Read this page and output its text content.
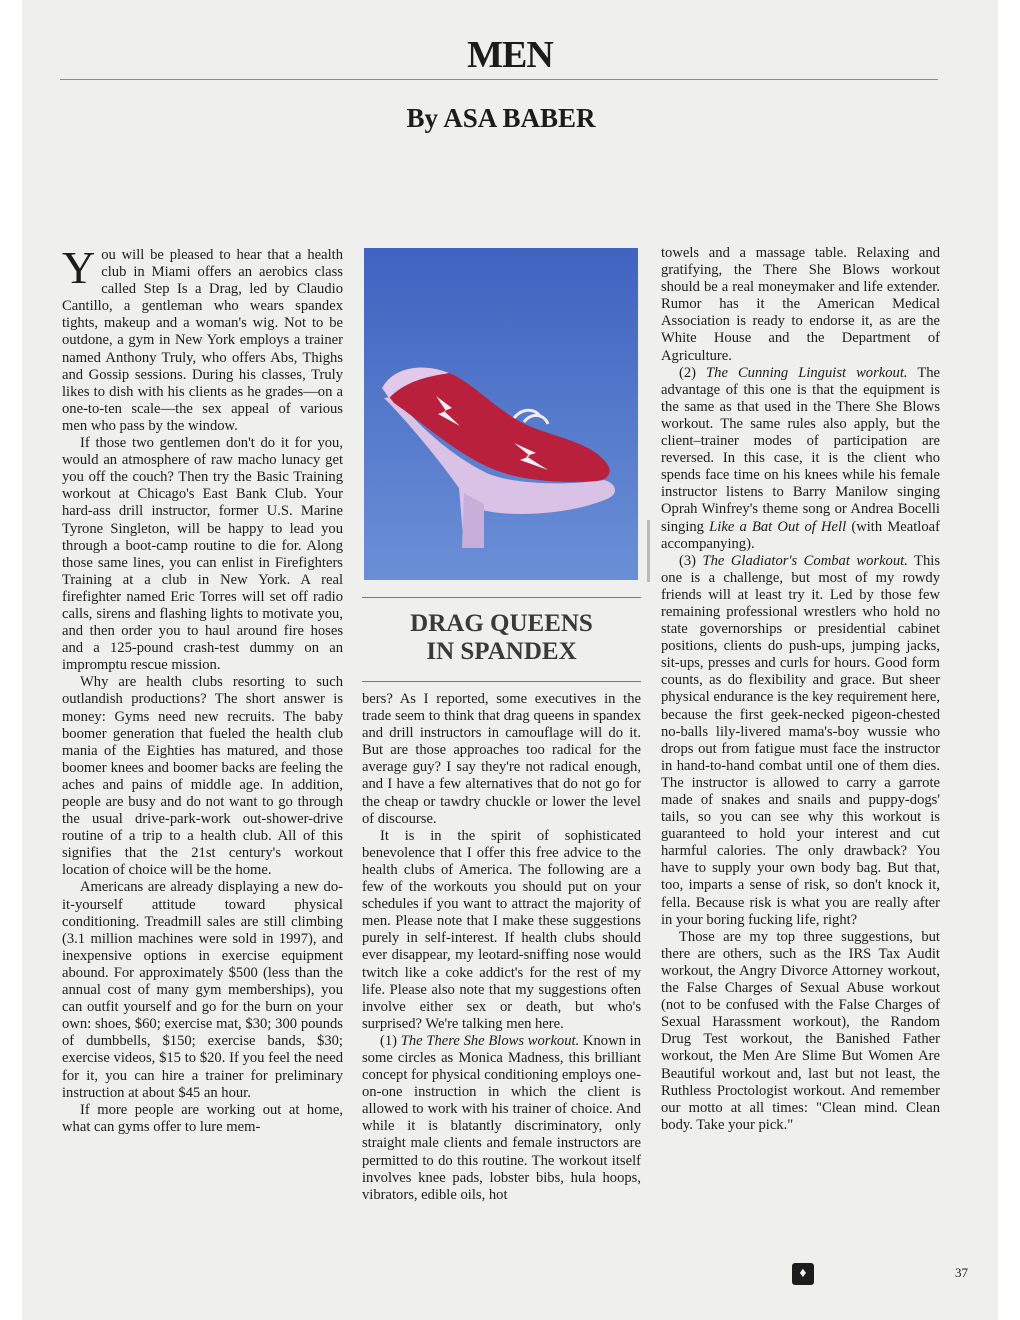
MEN
By ASA BABER

You will be pleased to hear that a health club in Miami offers an aerobics class called Step Is a Drag, led by Claudio Cantillo, a gentleman who wears spandex tights, makeup and a woman's wig. Not to be outdone, a gym in New York employs a trainer named Anthony Truly, who offers Abs, Thighs and Gossip sessions. During his classes, Truly likes to dish with his clients as he grades—on a one-to-ten scale—the sex appeal of various men who pass by the window.

If those two gentlemen don't do it for you, would an atmosphere of raw macho lunacy get you off the couch? Then try the Basic Training workout at Chicago's East Bank Club. Your hard-ass drill instructor, former U.S. Marine Tyrone Singleton, will be happy to lead you through a boot-camp routine to die for. Along those same lines, you can enlist in Firefighters Training at a club in New York. A real firefighter named Eric Torres will set off radio calls, sirens and flashing lights to motivate you, and then order you to haul around fire hoses and a 125-pound crash-test dummy on an impromptu rescue mission.

Why are health clubs resorting to such outlandish productions? The short answer is money: Gyms need new recruits. The baby boomer generation that fueled the health club mania of the Eighties has matured, and those boomer knees and boomer backs are feeling the aches and pains of middle age. In addition, people are busy and do not want to go through the usual drive-park-work out-shower-drive routine of a trip to a health club. All of this signifies that the 21st century's workout location of choice will be the home.

Americans are already displaying a new do-it-yourself attitude toward physical conditioning. Treadmill sales are still climbing (3.1 million machines were sold in 1997), and inexpensive options in exercise equipment abound. For approximately $500 (less than the annual cost of many gym memberships), you can outfit yourself and go for the burn on your own: shoes, $60; exercise mat, $30; 300 pounds of dumbbells, $150; exercise bands, $30; exercise videos, $15 to $20. If you feel the need for it, you can hire a trainer for preliminary instruction at about $45 an hour.

If more people are working out at home, what can gyms offer to lure mem-

DRAG QUEENS
IN SPANDEX

bers? As I reported, some executives in the trade seem to think that drag queens in spandex and drill instructors in camouflage will do it. But are those approaches too radical for the average guy? I say they're not radical enough, and I have a few alternatives that do not go for the cheap or tawdry chuckle or lower the level of discourse.

It is in the spirit of sophisticated benevolence that I offer this free advice to the health clubs of America. The following are a few of the workouts you should put on your schedules if you want to attract the majority of men. Please note that I make these suggestions purely in self-interest. If health clubs should ever disappear, my leotard-sniffing nose would twitch like a coke addict's for the rest of my life. Please also note that my suggestions often involve either sex or death, but who's surprised? We're talking men here.

(1) The There She Blows workout. Known in some circles as Monica Madness, this brilliant concept for physical conditioning employs one-on-one instruction in which the client is allowed to work with his trainer of choice. And while it is blatantly discriminatory, only straight male clients and female instructors are permitted to do this routine. The workout itself involves knee pads, lobster bibs, hula hoops, vibrators, edible oils, hot

towels and a massage table. Relaxing and gratifying, the There She Blows workout should be a real moneymaker and life extender. Rumor has it the American Medical Association is ready to endorse it, as are the White House and the Department of Agriculture.

(2) The Cunning Linguist workout. The advantage of this one is that the equipment is the same as that used in the There She Blows workout. The same rules also apply, but the client–trainer modes of participation are reversed. In this case, it is the client who spends face time on his knees while his female instructor listens to Barry Manilow singing Oprah Winfrey's theme song or Andrea Bocelli singing Like a Bat Out of Hell (with Meatloaf accompanying).

(3) The Gladiator's Combat workout. This one is a challenge, but most of my rowdy friends will at least try it. Led by those few remaining professional wrestlers who hold no state governorships or presidential cabinet positions, clients do push-ups, jumping jacks, sit-ups, presses and curls for hours. Good form counts, as do flexibility and grace. But sheer physical endurance is the key requirement here, because the first geek-necked pigeon-chested no-balls lily-livered mama's-boy wussie who drops out from fatigue must face the instructor in hand-to-hand combat until one of them dies. The instructor is allowed to carry a garrote made of snakes and snails and puppy-dogs' tails, so you can see why this workout is guaranteed to hold your interest and cut harmful calories. The only drawback? You have to supply your own body bag. But that, too, imparts a sense of risk, so don't knock it, fella. Because risk is what you are really after in your boring fucking life, right?

Those are my top three suggestions, but there are others, such as the IRS Tax Audit workout, the Angry Divorce Attorney workout, the False Charges of Sexual Abuse workout (not to be confused with the False Charges of Sexual Harassment workout), the Random Drug Test workout, the Banished Father workout, the Men Are Slime But Women Are Beautiful workout and, last but not least, the Ruthless Proctologist workout. And remember our motto at all times: "Clean mind. Clean body. Take your pick."

♦	37
